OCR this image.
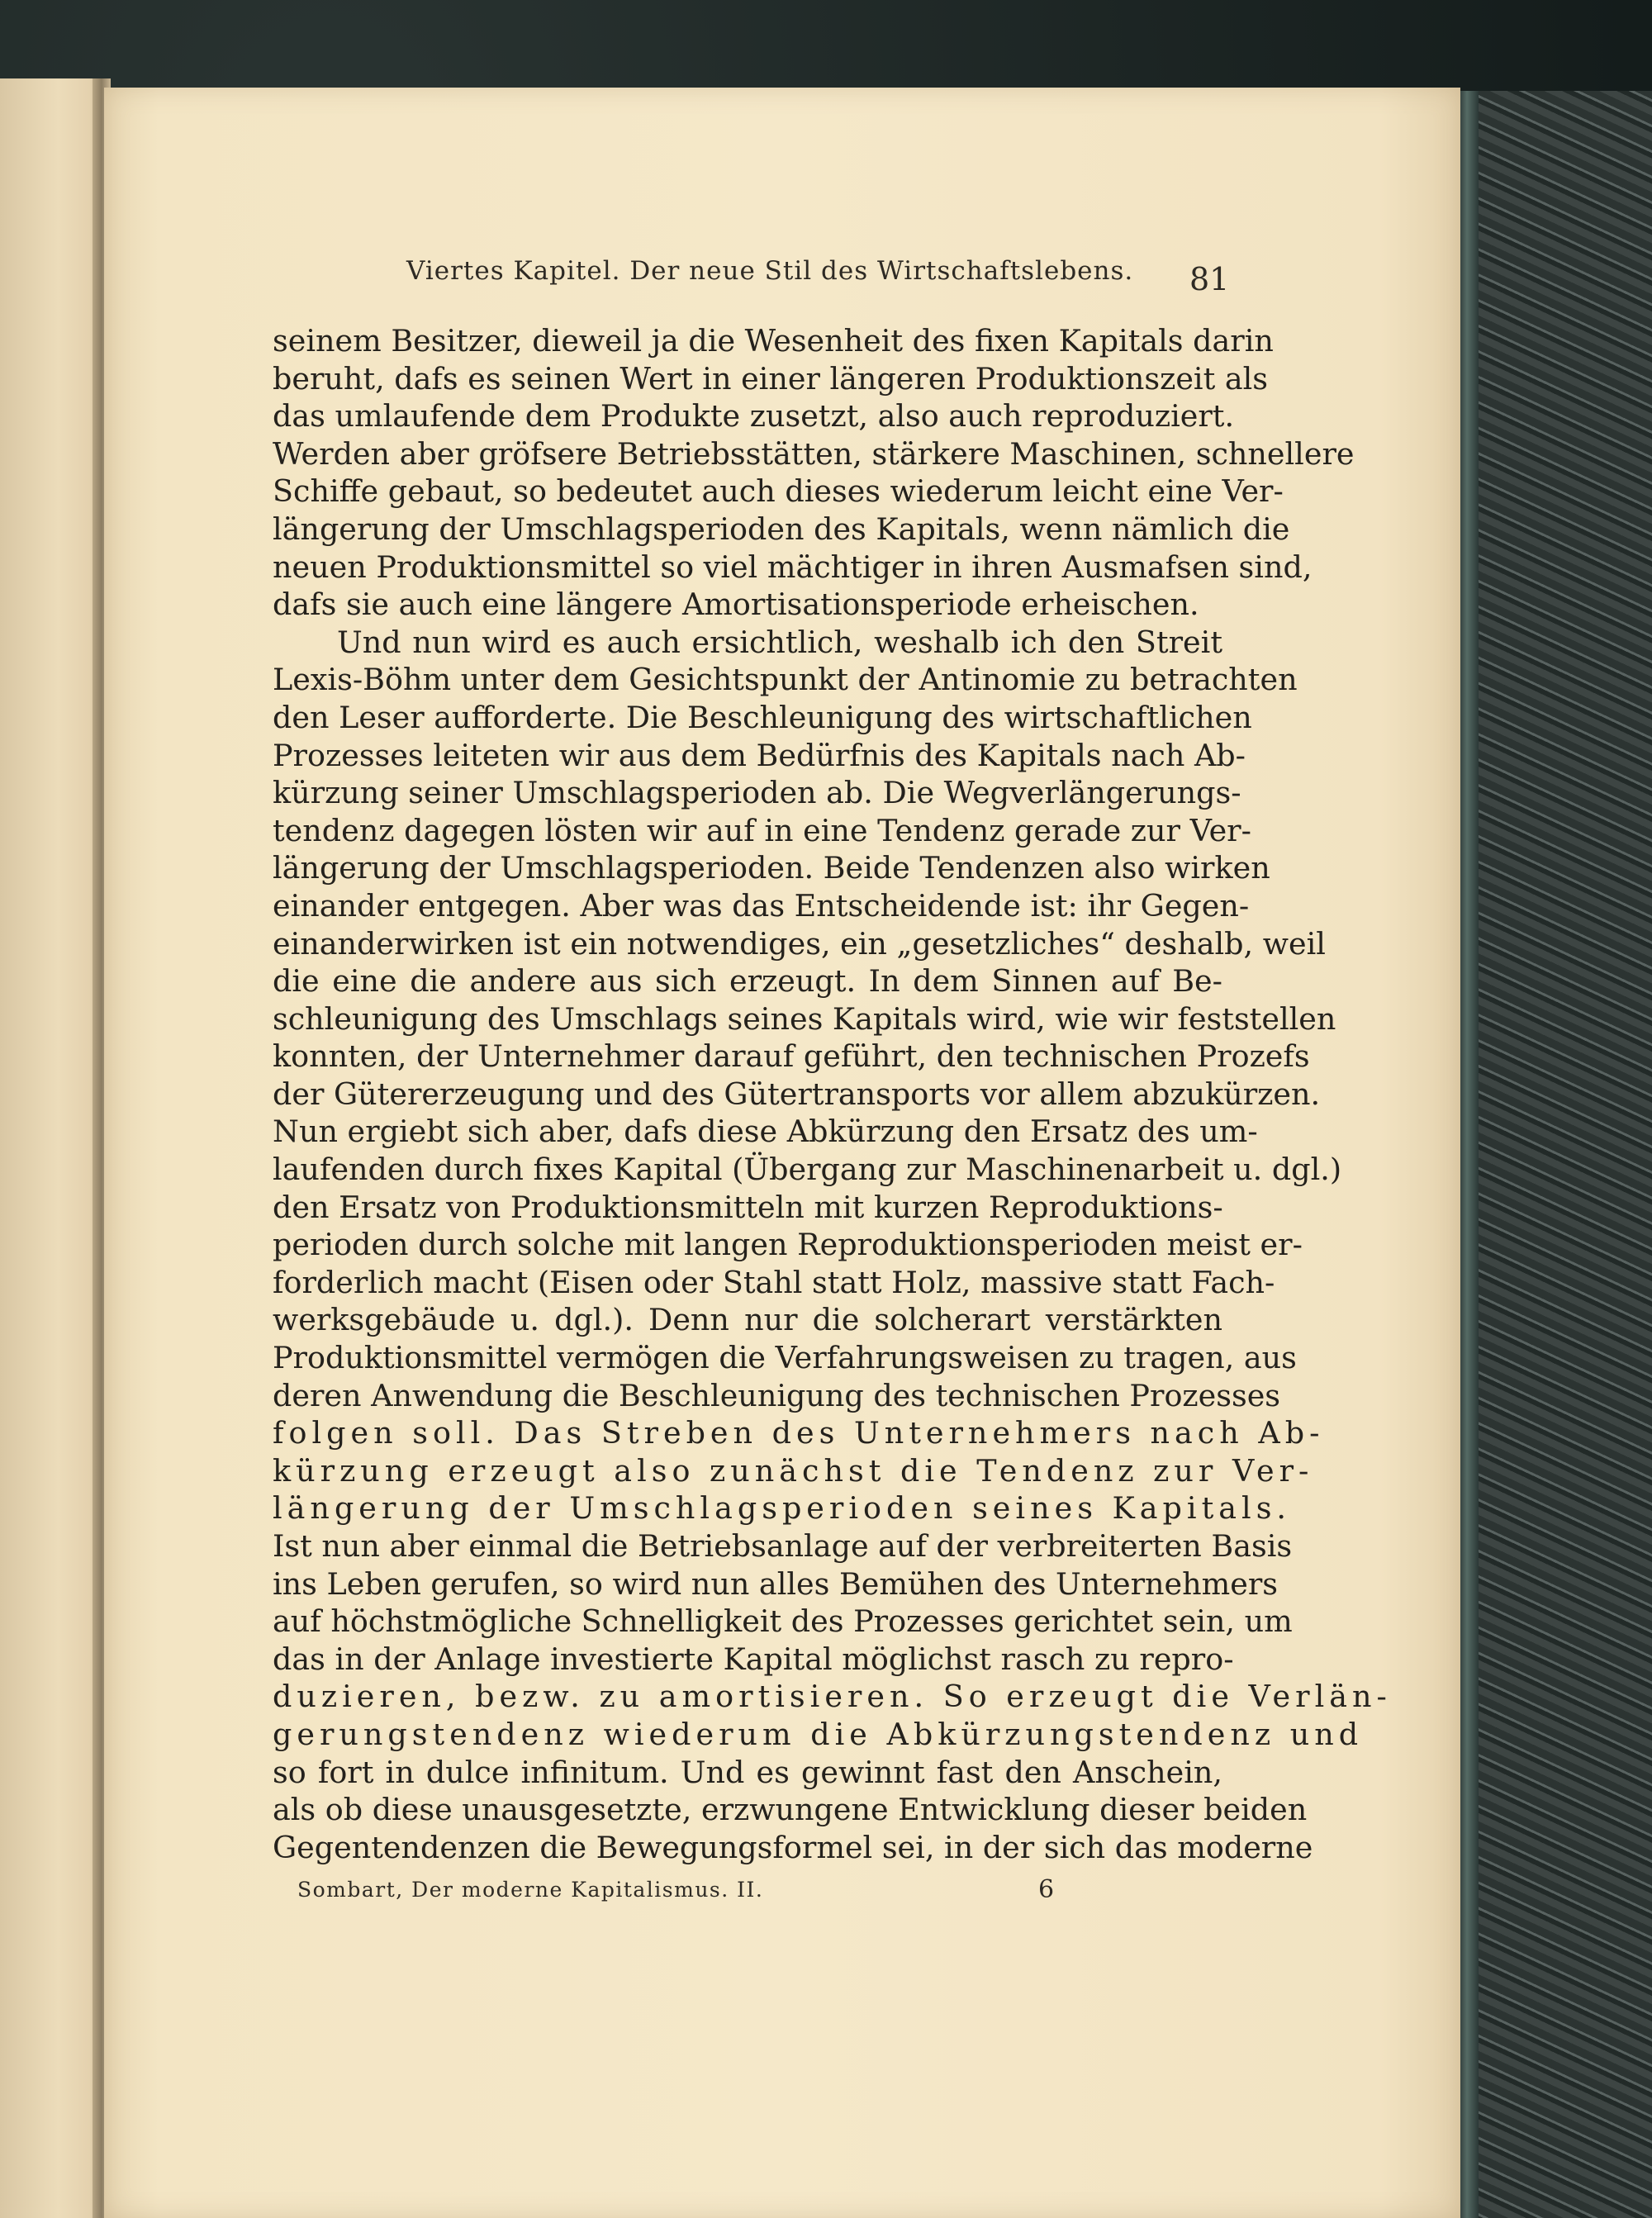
Viertes Kapitel. Der neue Stil des Wirtschaftslebens.	81
seinem Besitzer, dieweil ja die Wesenheit des fixen Kapitals darin
beruht, dafs es seinen Wert in einer längeren Produktionszeit als
das umlaufende dem Produkte zusetzt, also auch reproduziert.
Werden aber gröfsere Betriebsstätten, stärkere Maschinen, schnellere
Schiffe gebaut, so bedeutet auch dieses wiederum leicht eine Ver-
längerung der Umschlagsperioden des Kapitals, wenn nämlich die
neuen Produktionsmittel so viel mächtiger in ihren Ausmafsen sind,
dafs sie auch eine längere Amortisationsperiode erheischen.
Und nun wird es auch ersichtlich, weshalb ich den Streit
Lexis-Böhm unter dem Gesichtspunkt der Antinomie zu betrachten
den Leser aufforderte. Die Beschleunigung des wirtschaftlichen
Prozesses leiteten wir aus dem Bedürfnis des Kapitals nach Ab-
kürzung seiner Umschlagsperioden ab. Die Wegverlängerungs-
tendenz dagegen lösten wir auf in eine Tendenz gerade zur Ver-
längerung der Umschlagsperioden. Beide Tendenzen also wirken
einander entgegen. Aber was das Entscheidende ist: ihr Gegen-
einanderwirken ist ein notwendiges, ein „gesetzliches“ deshalb, weil
die eine die andere aus sich erzeugt. In dem Sinnen auf Be-
schleunigung des Umschlags seines Kapitals wird, wie wir feststellen
konnten, der Unternehmer darauf geführt, den technischen Prozefs
der Gütererzeugung und des Gütertransports vor allem abzukürzen.
Nun ergiebt sich aber, dafs diese Abkürzung den Ersatz des um-
laufenden durch fixes Kapital (Übergang zur Maschinenarbeit u. dgl.)
den Ersatz von Produktionsmitteln mit kurzen Reproduktions-
perioden durch solche mit langen Reproduktionsperioden meist er-
forderlich macht (Eisen oder Stahl statt Holz, massive statt Fach-
werksgebäude u. dgl.). Denn nur die solcherart verstärkten
Produktionsmittel vermögen die Verfahrungsweisen zu tragen, aus
deren Anwendung die Beschleunigung des technischen Prozesses
folgen soll. Das Streben des Unternehmers nach Ab-
kürzung erzeugt also zunächst die Tendenz zur Ver-
längerung der Umschlagsperioden seines Kapitals.
Ist nun aber einmal die Betriebsanlage auf der verbreiterten Basis
ins Leben gerufen, so wird nun alles Bemühen des Unternehmers
auf höchstmögliche Schnelligkeit des Prozesses gerichtet sein, um
das in der Anlage investierte Kapital möglichst rasch zu repro-
duzieren, bezw. zu amortisieren. So erzeugt die Verlän-
gerungstendenz wiederum die Abkürzungstendenz und
so fort in dulce infinitum. Und es gewinnt fast den Anschein,
als ob diese unausgesetzte, erzwungene Entwicklung dieser beiden
Gegentendenzen die Bewegungsformel sei, in der sich das moderne
Sombart, Der moderne Kapitalismus. II.	6
